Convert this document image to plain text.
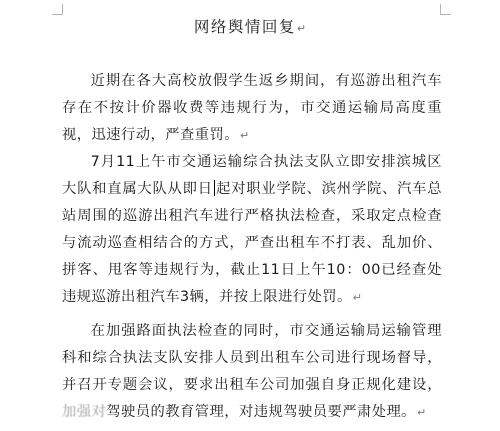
网络舆情回复↵

近期在各大高校放假学生返乡期间，有巡游出租汽车存在不按计价器收费等违规行为，市交通运输局高度重视，迅速行动，严查重罚。↵

7月11上午市交通运输综合执法支队立即安排滨城区大队和直属大队从即日 起对职业学院、滨州学院、汽车总站周围的巡游出租汽车进行严格执法检查，采取定点检查与流动巡查相结合的方式，严查出租车不打表、乱加价、拼客、甩客等违规行为，截止11日上午10：00已经查处违规巡游出租汽车3辆，并按上限进行处罚。↵

在加强路面执法检查的同时，市交通运输局运输管理科和综合执法支队安排人员到出租车公司进行现场督导，并召开专题会议，要求出租车公司加强自身正规化建设，加强对驾驶员的教育管理，对违规驾驶员要严肃处理。↵
